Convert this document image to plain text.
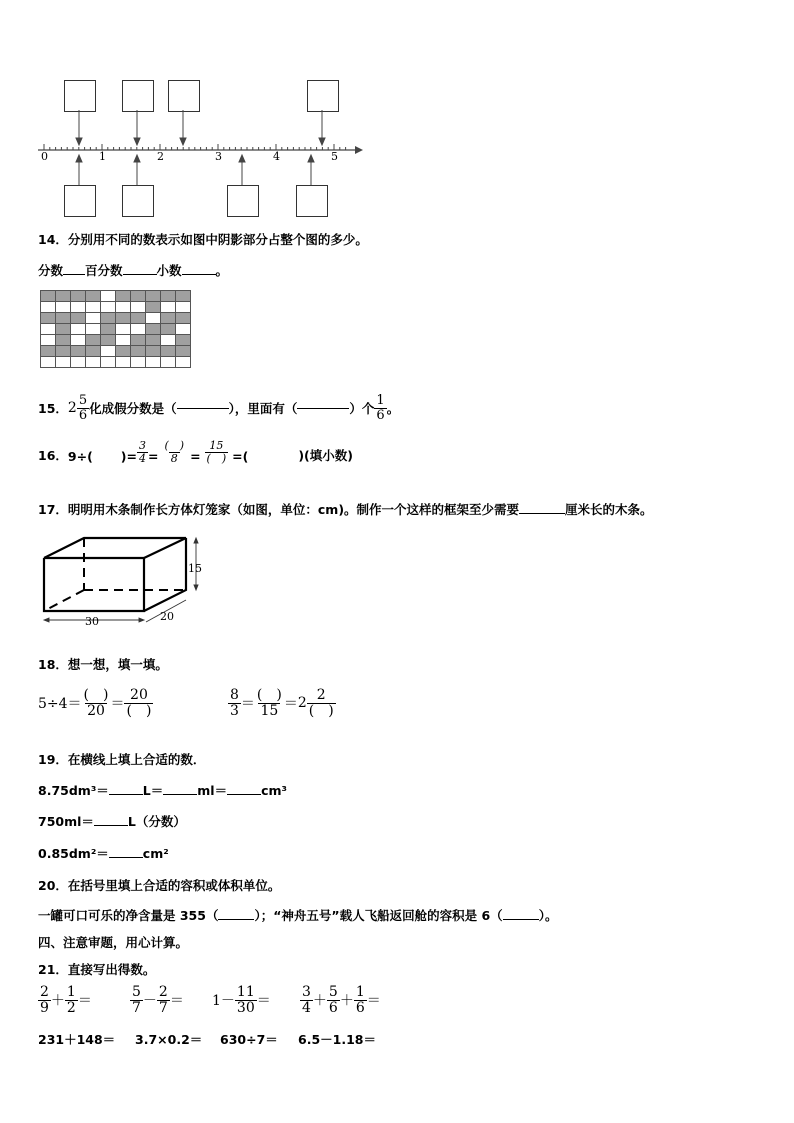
0	1	2	3	4	5
14．分别用不同的数表示如图中阴影部分占整个图的多少。
分数 百分数	小数	。

15． $2 \frac{5}{6}$ 化成假分数是（	），里面有（	）个 $\frac{1}{6}$ 。
16． 9÷( )= $\frac{3}{4} = \frac{( )}{8} = \frac{15}{( )}$ =(	)(填小数)
17．明明用木条制作长方体灯笼家（如图，单位：cm)。制作一个这样的框架至少需要	厘米长的木条。
30	20
15
18．想一想，填一填。
$5\div 4= \frac{( )}{20} = \frac{20}{( )}$	$\frac{8}{3} = \frac{( )}{15} = 2 \frac{2}{( )}$
19．在横线上填上合适的数．
8.75dm³＝	L＝	ml＝	cm³
750ml＝	L（分数）
0.85dm²＝	cm²
20．在括号里填上合适的容积或体积单位。
一罐可口可乐的净含量是 355（	）；“神舟五号”载人飞船返回舱的容积是 6（	）。
四、注意审题，用心计算。
21．直接写出得数。
$\frac{2}{9} + \frac{1}{2}$ ＝	$\frac{5}{7} - \frac{2}{7} = 1- \frac{11}{30} = \frac{3}{4} + \frac{5}{6} + \frac{1}{6}$ ＝
231＋148＝ 3.7×0.2＝ 630÷7＝ 6.5－1.18＝
